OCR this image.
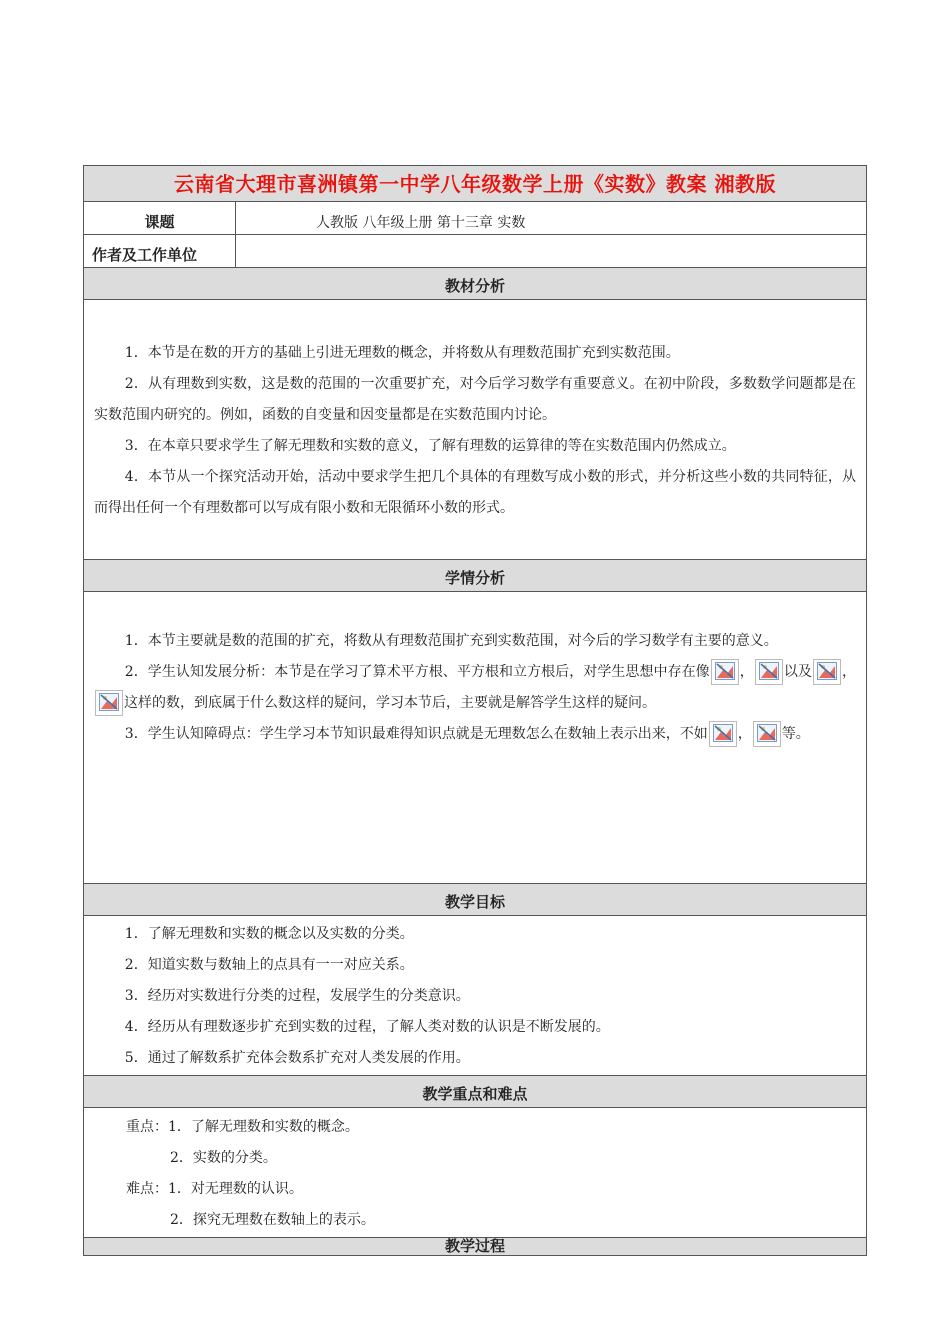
云南省大理市喜洲镇第一中学八年级数学上册《实数》教案 湘教版
课题	人教版 八年级上册 第十三章 实数
作者及工作单位
教材分析

1．本节是在数的开方的基础上引进无理数的概念，并将数从有理数范围扩充到实数范围。

2．从有理数到实数，这是数的范围的一次重要扩充，对今后学习数学有重要意义。在初中阶段，多数数学问题都是在实数范围内研究的。例如，函数的自变量和因变量都是在实数范围内讨论。

3．在本章只要求学生了解无理数和实数的意义，了解有理数的运算律的等在实数范围内仍然成立。

4．本节从一个探究活动开始，活动中要求学生把几个具体的有理数写成小数的形式，并分析这些小数的共同特征，从而得出任何一个有理数都可以写成有限小数和无限循环小数的形式。

学情分析

1．本节主要就是数的范围的扩充，将数从有理数范围扩充到实数范围，对今后的学习数学有主要的意义。

2．学生认知发展分析：本节是在学习了算术平方根、平方根和立方根后，对学生思想中存在像 ， 以及 ，
这样的数，到底属于什么数这样的疑问，学习本节后，主要就是解答学生这样的疑问。

3．学生认知障碍点：学生学习本节知识最难得知识点就是无理数怎么在数轴上表示出来，不如 ， 等。

教学目标

1．了解无理数和实数的概念以及实数的分类。

2．知道实数与数轴上的点具有一一对应关系。

3．经历对实数进行分类的过程，发展学生的分类意识。

4．经历从有理数逐步扩充到实数的过程，了解人类对数的认识是不断发展的。

5．通过了解数系扩充体会数系扩充对人类发展的作用。

教学重点和难点

重点：1．了解无理数和实数的概念。

2．实数的分类。

难点：1．对无理数的认识。

2．探究无理数在数轴上的表示。

教学过程
